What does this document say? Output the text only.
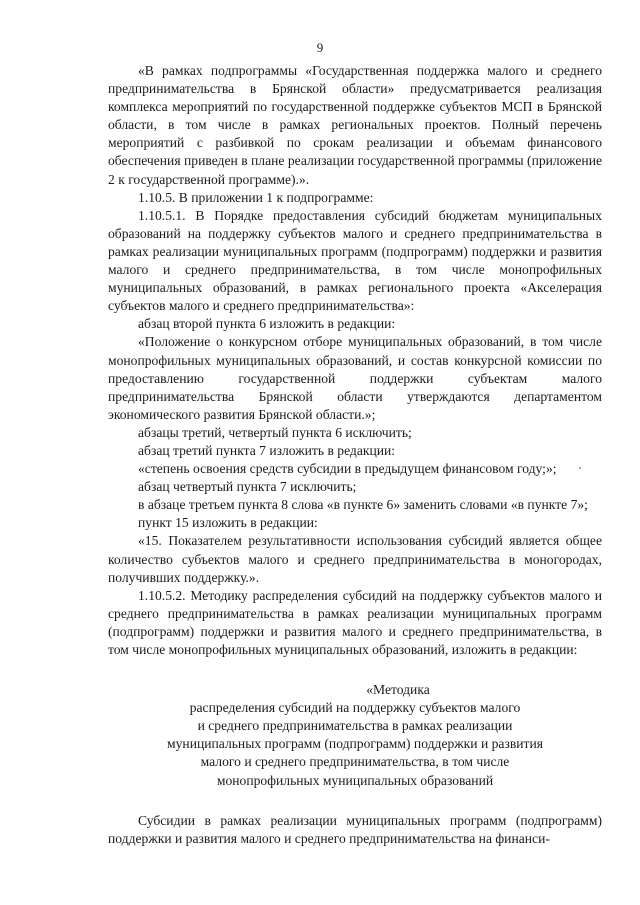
9

«В рамках подпрограммы «Государственная поддержка малого и среднего предпринимательства в Брянской области» предусматривается реализация комплекса мероприятий по государственной поддержке субъектов МСП в Брянской области, в том числе в рамках региональных проектов. Полный перечень мероприятий с разбивкой по срокам реализации и объемам финансового обеспечения приведен в плане реализации государственной программы (приложение 2 к государственной программе).».

1.10.5. В приложении 1 к подпрограмме:

1.10.5.1. В Порядке предоставления субсидий бюджетам муниципальных образований на поддержку субъектов малого и среднего предпринимательства в рамках реализации муниципальных программ (подпрограмм) поддержки и развития малого и среднего предпринимательства, в том числе монопрофильных муниципальных образований, в рамках регионального проекта «Акселерация субъектов малого и среднего предпринимательства»:

абзац второй пункта 6 изложить в редакции:

«Положение о конкурсном отборе муниципальных образований, в том числе монопрофильных муниципальных образований, и состав конкурсной комиссии по предоставлению государственной поддержки субъектам малого предпринимательства Брянской области утверждаются департаментом экономического развития Брянской области.»;

абзацы третий, четвертый пункта 6 исключить;

абзац третий пункта 7 изложить в редакции:

«степень освоения средств субсидии в предыдущем финансовом году;»;

абзац четвертый пункта 7 исключить;

в абзаце третьем пункта 8 слова «в пункте 6» заменить словами «в пункте 7»;

пункт 15 изложить в редакции:

«15. Показателем результативности использования субсидий является общее количество субъектов малого и среднего предпринимательства в моногородах, получивших поддержку.».

1.10.5.2. Методику распределения субсидий на поддержку субъектов малого и среднего предпринимательства в рамках реализации муниципальных программ (подпрограмм) поддержки и развития малого и среднего предпринимательства, в том числе монопрофильных муниципальных образований, изложить в редакции:

«Методика
распределения субсидий на поддержку субъектов малого
и среднего предпринимательства в рамках реализации
муниципальных программ (подпрограмм) поддержки и развития
малого и среднего предпринимательства, в том числе
монопрофильных муниципальных образований

Субсидии в рамках реализации муниципальных программ (подпрограмм) поддержки и развития малого и среднего предпринимательства на финанси-
